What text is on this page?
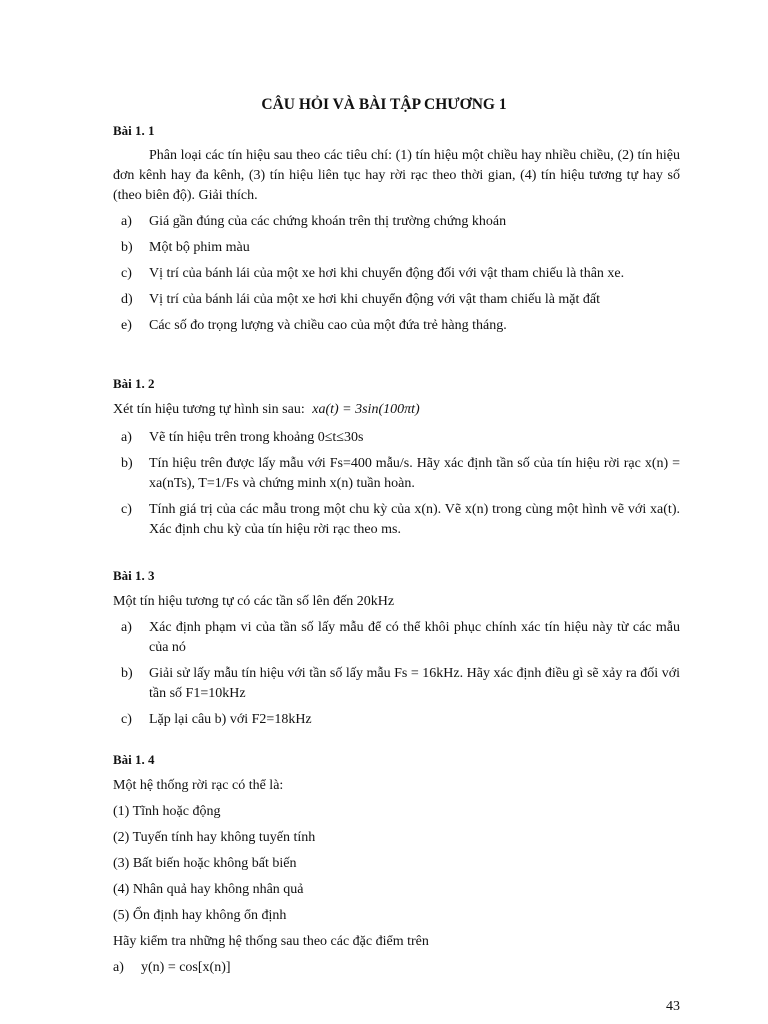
CÂU HỎI VÀ BÀI TẬP CHƯƠNG 1
Bài 1. 1

Phân loại các tín hiệu sau theo các tiêu chí: (1) tín hiệu một chiều hay nhiều chiều, (2) tín hiệu đơn kênh hay đa kênh, (3) tín hiệu liên tục hay rời rạc theo thời gian, (4) tín hiệu tương tự hay số (theo biên độ). Giải thích.

a)	Giá gần đúng của các chứng khoán trên thị trường chứng khoán
b)	Một bộ phim màu
c)	Vị trí của bánh lái của một xe hơi khi chuyển động đối với vật tham chiếu là thân xe.
d)	Vị trí của bánh lái của một xe hơi khi chuyển động với vật tham chiếu là mặt đất
e)	Các số đo trọng lượng và chiều cao của một đứa trẻ hàng tháng.
Bài 1. 2

Xét tín hiệu tương tự hình sin sau: xa(t) = 3sin(100πt)

a)	Vẽ tín hiệu trên trong khoảng 0≤t≤30s
b)	Tín hiệu trên được lấy mẫu với Fs=400 mẫu/s. Hãy xác định tần số của tín hiệu rời rạc x(n) = xa(nTs), T=1/Fs và chứng minh x(n) tuần hoàn.
c)	Tính giá trị của các mẫu trong một chu kỳ của x(n). Vẽ x(n) trong cùng một hình vẽ với xa(t). Xác định chu kỳ của tín hiệu rời rạc theo ms.
Bài 1. 3

Một tín hiệu tương tự có các tần số lên đến 20kHz

a)	Xác định phạm vi của tần số lấy mẫu để có thể khôi phục chính xác tín hiệu này từ các mẫu của nó
b)	Giải sử lấy mẫu tín hiệu với tần số lấy mẫu Fs = 16kHz. Hãy xác định điều gì sẽ xảy ra đối với tần số F1=10kHz
c)	Lặp lại câu b) với F2=18kHz
Bài 1. 4

Một hệ thống rời rạc có thể là:

(1) Tĩnh hoặc động

(2) Tuyến tính hay không tuyến tính

(3) Bất biến hoặc không bất biến

(4) Nhân quả hay không nhân quả

(5) Ổn định hay không ổn định

Hãy kiểm tra những hệ thống sau theo các đặc điểm trên

a)	y(n) = cos[x(n)]
43
